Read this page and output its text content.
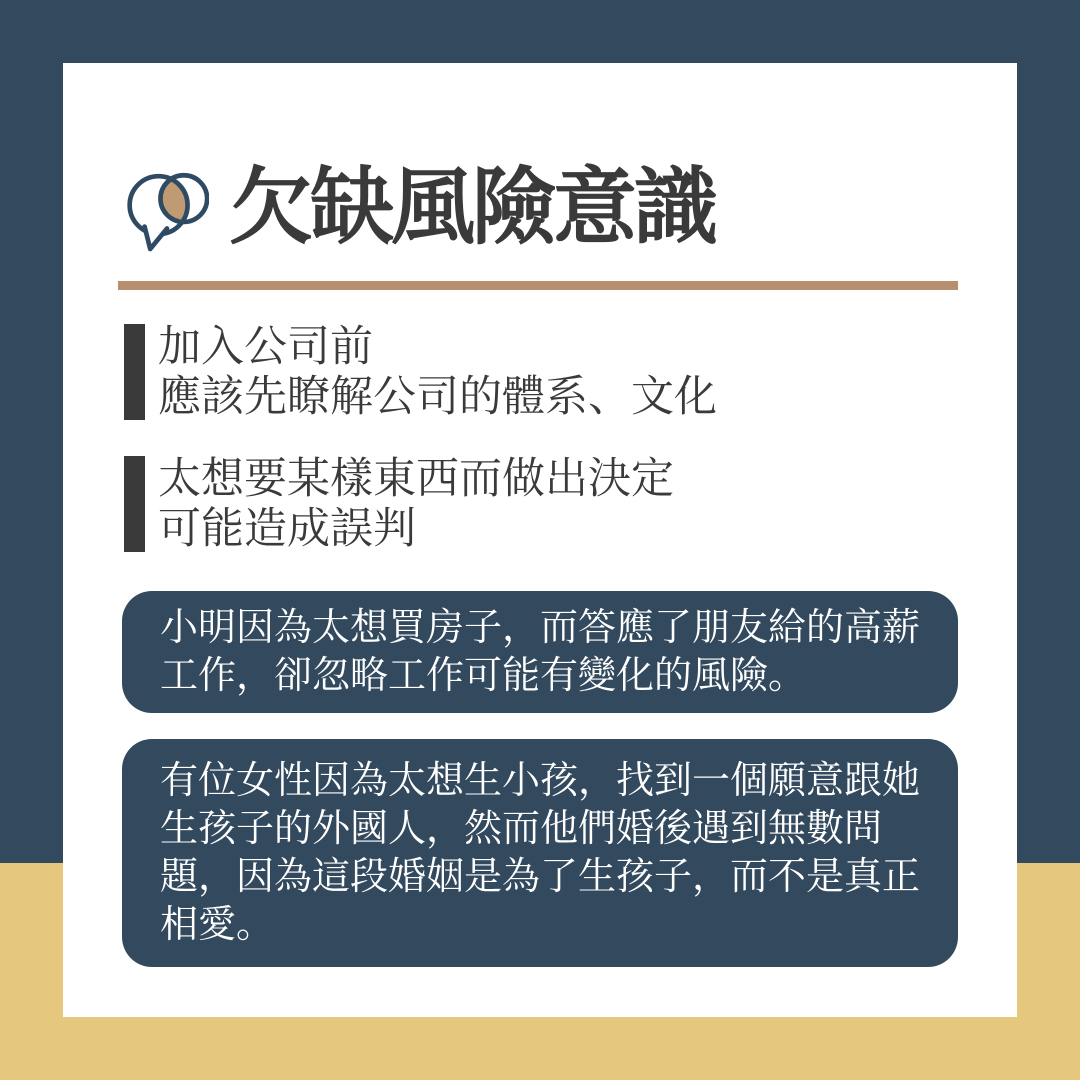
欠缺風險意識
加入公司前
應該先瞭解公司的體系、文化
太想要某樣東西而做出決定
可能造成誤判
小明因為太想買房子，而答應了朋友給的高薪工作，卻忽略工作可能有變化的風險。
有位女性因為太想生小孩，找到一個願意跟她生孩子的外國人，然而他們婚後遇到無數問題，因為這段婚姻是為了生孩子，而不是真正相愛。
